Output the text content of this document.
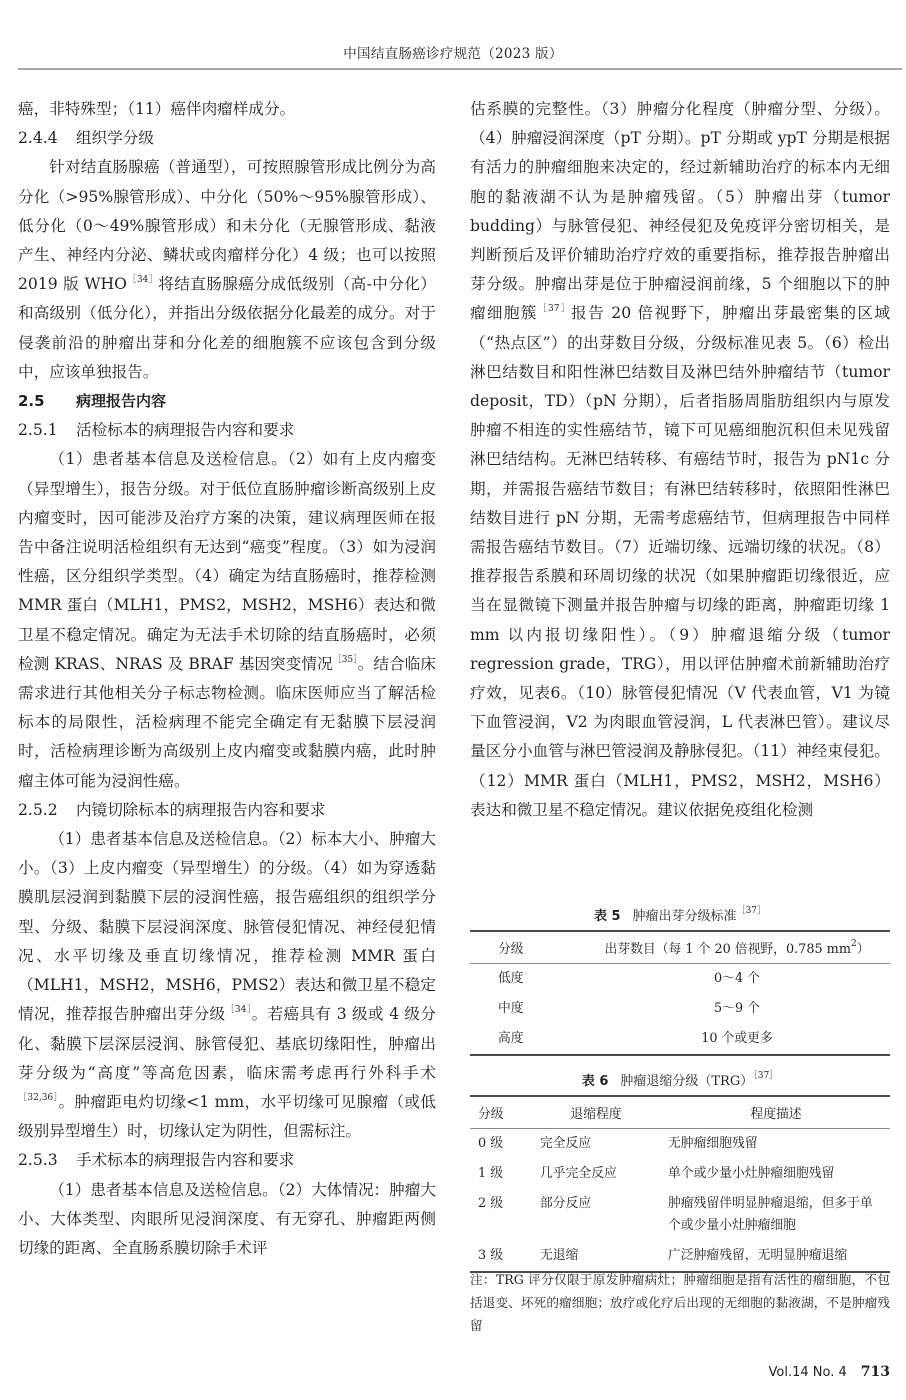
中国结直肠癌诊疗规范（2023 版）

癌，非特殊型；（11）癌伴肉瘤样成分。

2.4.4 组织学分级

针对结直肠腺癌（普通型），可按照腺管形成比例分为高分化（>95%腺管形成）、中分化（50%～95%腺管形成）、低分化（0～49%腺管形成）和未分化（无腺管形成、黏液产生、神经内分泌、鳞状或肉瘤样分化）4 级；也可以按照 2019 版 $WHO^{[34]}$将结直肠腺癌分成低级别（高-中分化）和高级别（低分化），并指出分级依据分化最差的成分。对于侵袭前沿的肿瘤出芽和分化差的细胞簇不应该包含到分级中，应该单独报告。

2.5 病理报告内容

2.5.1 活检标本的病理报告内容和要求

（1）患者基本信息及送检信息。（2）如有上皮内瘤变（异型增生），报告分级。对于低位直肠肿瘤诊断高级别上皮内瘤变时，因可能涉及治疗方案的决策，建议病理医师在报告中备注说明活检组织有无达到“癌变”程度。（3）如为浸润性癌，区分组织学类型。（4）确定为结直肠癌时，推荐检测 MMR 蛋白（MLH1，PMS2，MSH2，MSH6）表达和微卫星不稳定情况。确定为无法手术切除的结直肠癌时，必须检测 KRAS、NRAS 及 BRAF 基因突变情况$^{[35]}$。结合临床需求进行其他相关分子标志物检测。临床医师应当了解活检标本的局限性，活检病理不能完全确定有无黏膜下层浸润时，活检病理诊断为高级别上皮内瘤变或黏膜内癌，此时肿瘤主体可能为浸润性癌。

2.5.2 内镜切除标本的病理报告内容和要求

（1）患者基本信息及送检信息。（2）标本大小、肿瘤大小。（3）上皮内瘤变（异型增生）的分级。（4）如为穿透黏膜肌层浸润到黏膜下层的浸润性癌，报告癌组织的组织学分型、分级、黏膜下层浸润深度、脉管侵犯情况、神经侵犯情况、水平切缘及垂直切缘情况，推荐检测 MMR 蛋白（MLH1，MSH2，MSH6，PMS2）表达和微卫星不稳定情况，推荐报告肿瘤出芽分级$^{[34]}$。若癌具有 3 级或 4 级分化、黏膜下层深层浸润、脉管侵犯、基底切缘阳性，肿瘤出芽分级为“高度”等高危因素，临床需考虑再行外科手术$^{[32,36]}$。肿瘤距电灼切缘<1 mm，水平切缘可见腺瘤（或低级别异型增生）时，切缘认定为阴性，但需标注。

2.5.3 手术标本的病理报告内容和要求

（1）患者基本信息及送检信息。（2）大体情况：肿瘤大小、大体类型、肉眼所见浸润深度、有无穿孔、肿瘤距两侧切缘的距离、全直肠系膜切除手术评

估系膜的完整性。（3）肿瘤分化程度（肿瘤分型、分级）。（4）肿瘤浸润深度（pT 分期）。pT 分期或 ypT 分期是根据有活力的肿瘤细胞来决定的，经过新辅助治疗的标本内无细胞的黏液湖不认为是肿瘤残留。（5）肿瘤出芽（tumor budding）与脉管侵犯、神经侵犯及免疫评分密切相关，是判断预后及评价辅助治疗疗效的重要指标，推荐报告肿瘤出芽分级。肿瘤出芽是位于肿瘤浸润前缘，5 个细胞以下的肿瘤细胞簇$^{[37]}$报告 20 倍视野下，肿瘤出芽最密集的区域（“热点区”）的出芽数目分级，分级标准见表 5。（6）检出淋巴结数目和阳性淋巴结数目及淋巴结外肿瘤结节（tumor deposit，TD）（pN 分期），后者指肠周脂肪组织内与原发肿瘤不相连的实性癌结节，镜下可见癌细胞沉积但未见残留淋巴结结构。无淋巴结转移、有癌结节时，报告为 pN1c 分期，并需报告癌结节数目；有淋巴结转移时，依照阳性淋巴结数目进行 pN 分期，无需考虑癌结节，但病理报告中同样需报告癌结节数目。（7）近端切缘、远端切缘的状况。（8）推荐报告系膜和环周切缘的状况（如果肿瘤距切缘很近，应当在显微镜下测量并报告肿瘤与切缘的距离，肿瘤距切缘 1 mm 以内报切缘阳性）。（9）肿瘤退缩分级（tumor regression grade，TRG），用以评估肿瘤术前新辅助治疗疗效，见表6。（10）脉管侵犯情况（V 代表血管，V1 为镜下血管浸润，V2 为肉眼血管浸润，L 代表淋巴管）。建议尽量区分小血管与淋巴管浸润及静脉侵犯。（11）神经束侵犯。（12）MMR 蛋白（MLH1，PMS2，MSH2，MSH6）表达和微卫星不稳定情况。建议依据免疫组化检测

表 5 肿瘤出芽分级标准$^{[37]}$
分级	出芽数目（每 1 个 20 倍视野，0.785 $mm^2$）
低度	0～4 个
中度	5～9 个
高度	10 个或更多
表 6 肿瘤退缩分级（TRG）$^{[37]}$
分级	退缩程度	程度描述
0 级	完全反应	无肿瘤细胞残留
1 级	几乎完全反应	单个或少量小灶肿瘤细胞残留
2 级	部分反应	肿瘤残留伴明显肿瘤退缩，但多于单个或少量小灶肿瘤细胞
3 级	无退缩	广泛肿瘤残留，无明显肿瘤退缩
注：TRG 评分仅限于原发肿瘤病灶；肿瘤细胞是指有活性的瘤细胞，不包括退变、坏死的瘤细胞；放疗或化疗后出现的无细胞的黏液湖，不是肿瘤残留
Vol.14 No. 4 713
